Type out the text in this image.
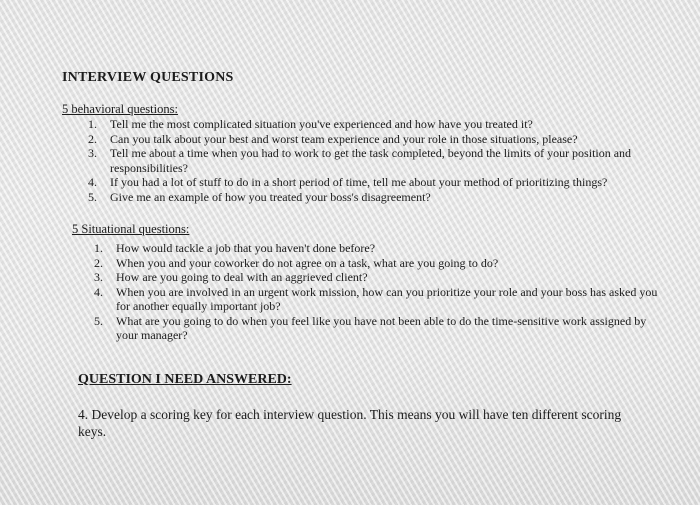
INTERVIEW QUESTIONS
5 behavioral questions:
1.	Tell me the most complicated situation you've experienced and how have you treated it?
2.	Can you talk about your best and worst team experience and your role in those situations, please?
3.	Tell me about a time when you had to work to get the task completed, beyond the limits of your position and responsibilities?
4.	If you had a lot of stuff to do in a short period of time, tell me about your method of prioritizing things?
5.	Give me an example of how you treated your boss's disagreement?
5 Situational questions:
1.	How would tackle a job that you haven't done before?
2.	When you and your coworker do not agree on a task, what are you going to do?
3.	How are you going to deal with an aggrieved client?
4.	When you are involved in an urgent work mission, how can you prioritize your role and your boss has asked you for another equally important job?
5.	What are you going to do when you feel like you have not been able to do the time-sensitive work assigned by your manager?
QUESTION I NEED ANSWERED:
4. Develop a scoring key for each interview question. This means you will have ten different scoring keys.
